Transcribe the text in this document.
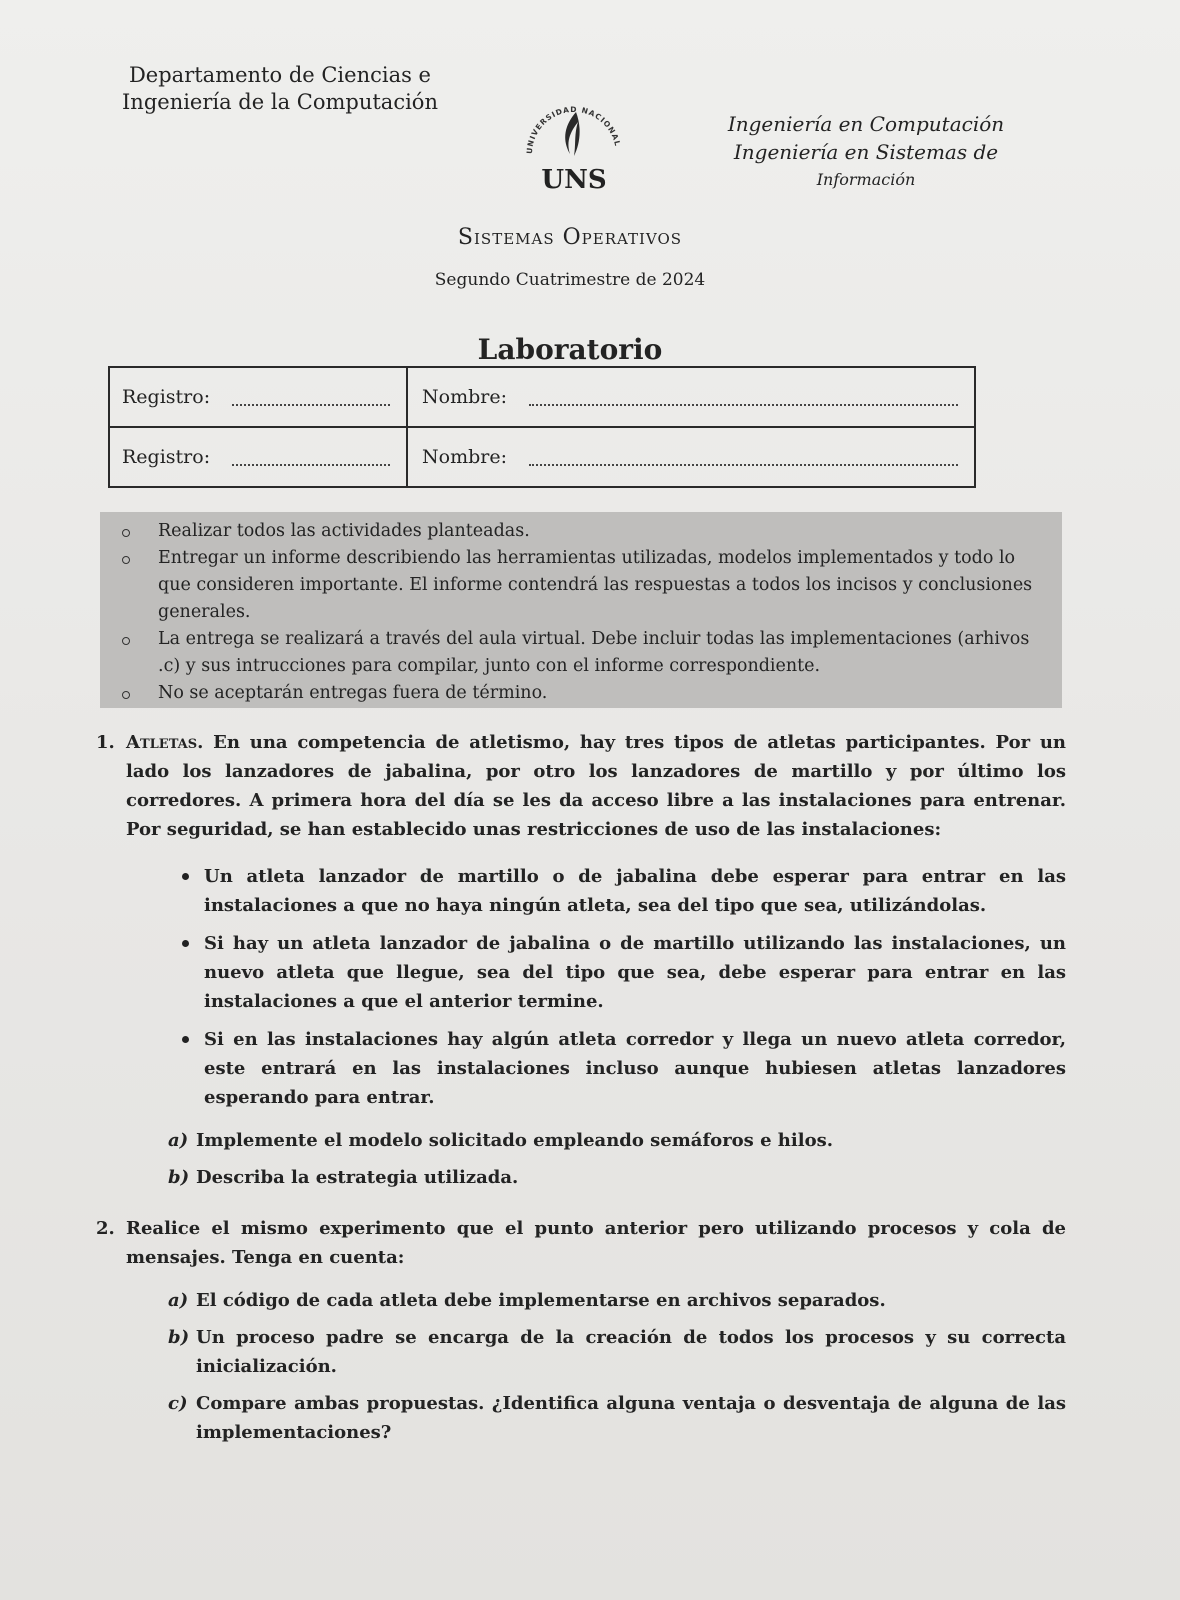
Departamento de Ciencias e
Ingeniería de la Computación
UNIVERSIDAD NACIONAL
UNS
Ingeniería en Computación
Ingeniería en Sistemas de
Información
Sistemas Operativos
Segundo Cuatrimestre de 2024
Laboratorio
Registro:	Nombre:
Registro:	Nombre:
Realizar todos las actividades planteadas.
Entregar un informe describiendo las herramientas utilizadas, modelos implementados y todo lo que consideren importante. El informe contendrá las respuestas a todos los incisos y conclusiones generales.
La entrega se realizará a través del aula virtual. Debe incluir todas las implementaciones (arhivos .c) y sus intrucciones para compilar, junto con el informe correspondiente.
No se aceptarán entregas fuera de término.
1. Atletas. En una competencia de atletismo, hay tres tipos de atletas participantes. Por un lado los lanzadores de jabalina, por otro los lanzadores de martillo y por último los corredores. A primera hora del día se les da acceso libre a las instalaciones para entrenar. Por seguridad, se han establecido unas restricciones de uso de las instalaciones:
Un atleta lanzador de martillo o de jabalina debe esperar para entrar en las instalaciones a que no haya ningún atleta, sea del tipo que sea, utilizándolas.
Si hay un atleta lanzador de jabalina o de martillo utilizando las instalaciones, un nuevo atleta que llegue, sea del tipo que sea, debe esperar para entrar en las instalaciones a que el anterior termine.
Si en las instalaciones hay algún atleta corredor y llega un nuevo atleta corredor, este entrará en las instalaciones incluso aunque hubiesen atletas lanzadores esperando para entrar.
a) Implemente el modelo solicitado empleando semáforos e hilos.
b) Describa la estrategia utilizada.
2. Realice el mismo experimento que el punto anterior pero utilizando procesos y cola de mensajes. Tenga en cuenta:
a) El código de cada atleta debe implementarse en archivos separados.
b) Un proceso padre se encarga de la creación de todos los procesos y su correcta inicialización.
c) Compare ambas propuestas. ¿Identifica alguna ventaja o desventaja de alguna de las implementaciones?
